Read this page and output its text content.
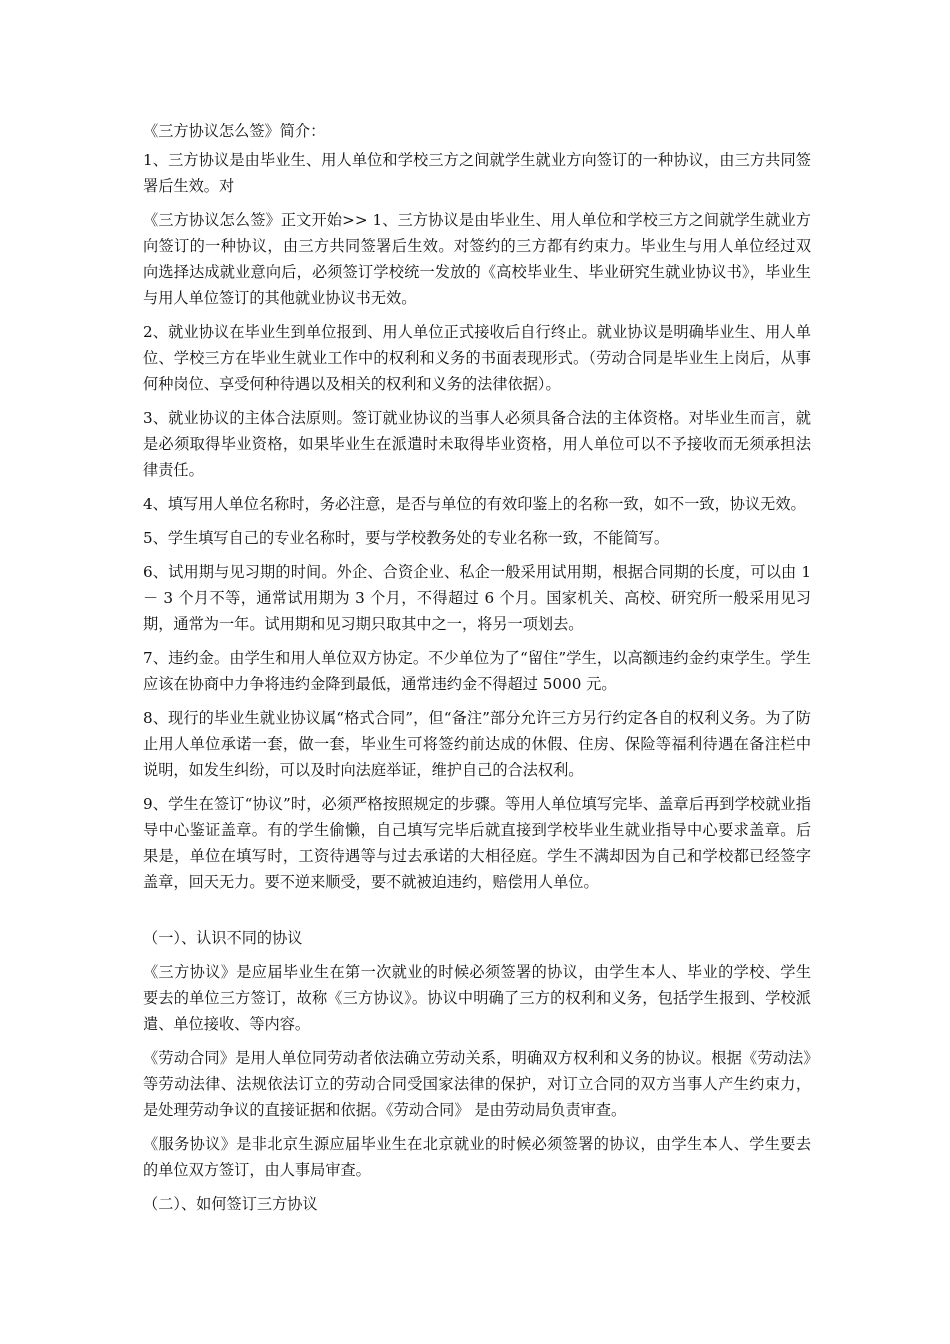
《三方协议怎么签》简介：

1、三方协议是由毕业生、用人单位和学校三方之间就学生就业方向签订的一种协议，由三方共同签署后生效。对

《三方协议怎么签》正文开始>> 1、三方协议是由毕业生、用人单位和学校三方之间就学生就业方向签订的一种协议，由三方共同签署后生效。对签约的三方都有约束力。毕业生与用人单位经过双向选择达成就业意向后，必须签订学校统一发放的《高校毕业生、毕业研究生就业协议书》，毕业生与用人单位签订的其他就业协议书无效。

2、就业协议在毕业生到单位报到、用人单位正式接收后自行终止。就业协议是明确毕业生、用人单位、学校三方在毕业生就业工作中的权利和义务的书面表现形式。（劳动合同是毕业生上岗后，从事何种岗位、享受何种待遇以及相关的权利和义务的法律依据）。

3、就业协议的主体合法原则。签订就业协议的当事人必须具备合法的主体资格。对毕业生而言，就是必须取得毕业资格，如果毕业生在派遣时未取得毕业资格，用人单位可以不予接收而无须承担法律责任。

4、填写用人单位名称时，务必注意，是否与单位的有效印鉴上的名称一致，如不一致，协议无效。

5、学生填写自己的专业名称时，要与学校教务处的专业名称一致，不能简写。

6、试用期与见习期的时间。外企、合资企业、私企一般采用试用期，根据合同期的长度，可以由 1 － 3 个月不等，通常试用期为 3 个月，不得超过 6 个月。国家机关、高校、研究所一般采用见习期，通常为一年。试用期和见习期只取其中之一，将另一项划去。

7、违约金。由学生和用人单位双方协定。不少单位为了“留住”学生，以高额违约金约束学生。学生应该在协商中力争将违约金降到最低，通常违约金不得超过 5000 元。

8、现行的毕业生就业协议属“格式合同”，但“备注”部分允许三方另行约定各自的权利义务。为了防止用人单位承诺一套，做一套，毕业生可将签约前达成的休假、住房、保险等福利待遇在备注栏中说明，如发生纠纷，可以及时向法庭举证，维护自己的合法权利。

9、学生在签订“协议”时，必须严格按照规定的步骤。等用人单位填写完毕、盖章后再到学校就业指导中心鉴证盖章。有的学生偷懒，自己填写完毕后就直接到学校毕业生就业指导中心要求盖章。后果是，单位在填写时，工资待遇等与过去承诺的大相径庭。学生不满却因为自己和学校都已经签字盖章，回天无力。要不逆来顺受，要不就被迫违约，赔偿用人单位。

（一）、认识不同的协议

《三方协议》是应届毕业生在第一次就业的时候必须签署的协议，由学生本人、毕业的学校、学生要去的单位三方签订，故称《三方协议》。协议中明确了三方的权利和义务，包括学生报到、学校派遣、单位接收、等内容。

《劳动合同》是用人单位同劳动者依法确立劳动关系，明确双方权利和义务的协议。根据《劳动法》等劳动法律、法规依法订立的劳动合同受国家法律的保护，对订立合同的双方当事人产生约束力，是处理劳动争议的直接证据和依据。《劳动合同》 是由劳动局负责审查。

《服务协议》是非北京生源应届毕业生在北京就业的时候必须签署的协议，由学生本人、学生要去的单位双方签订，由人事局审查。

（二）、如何签订三方协议
